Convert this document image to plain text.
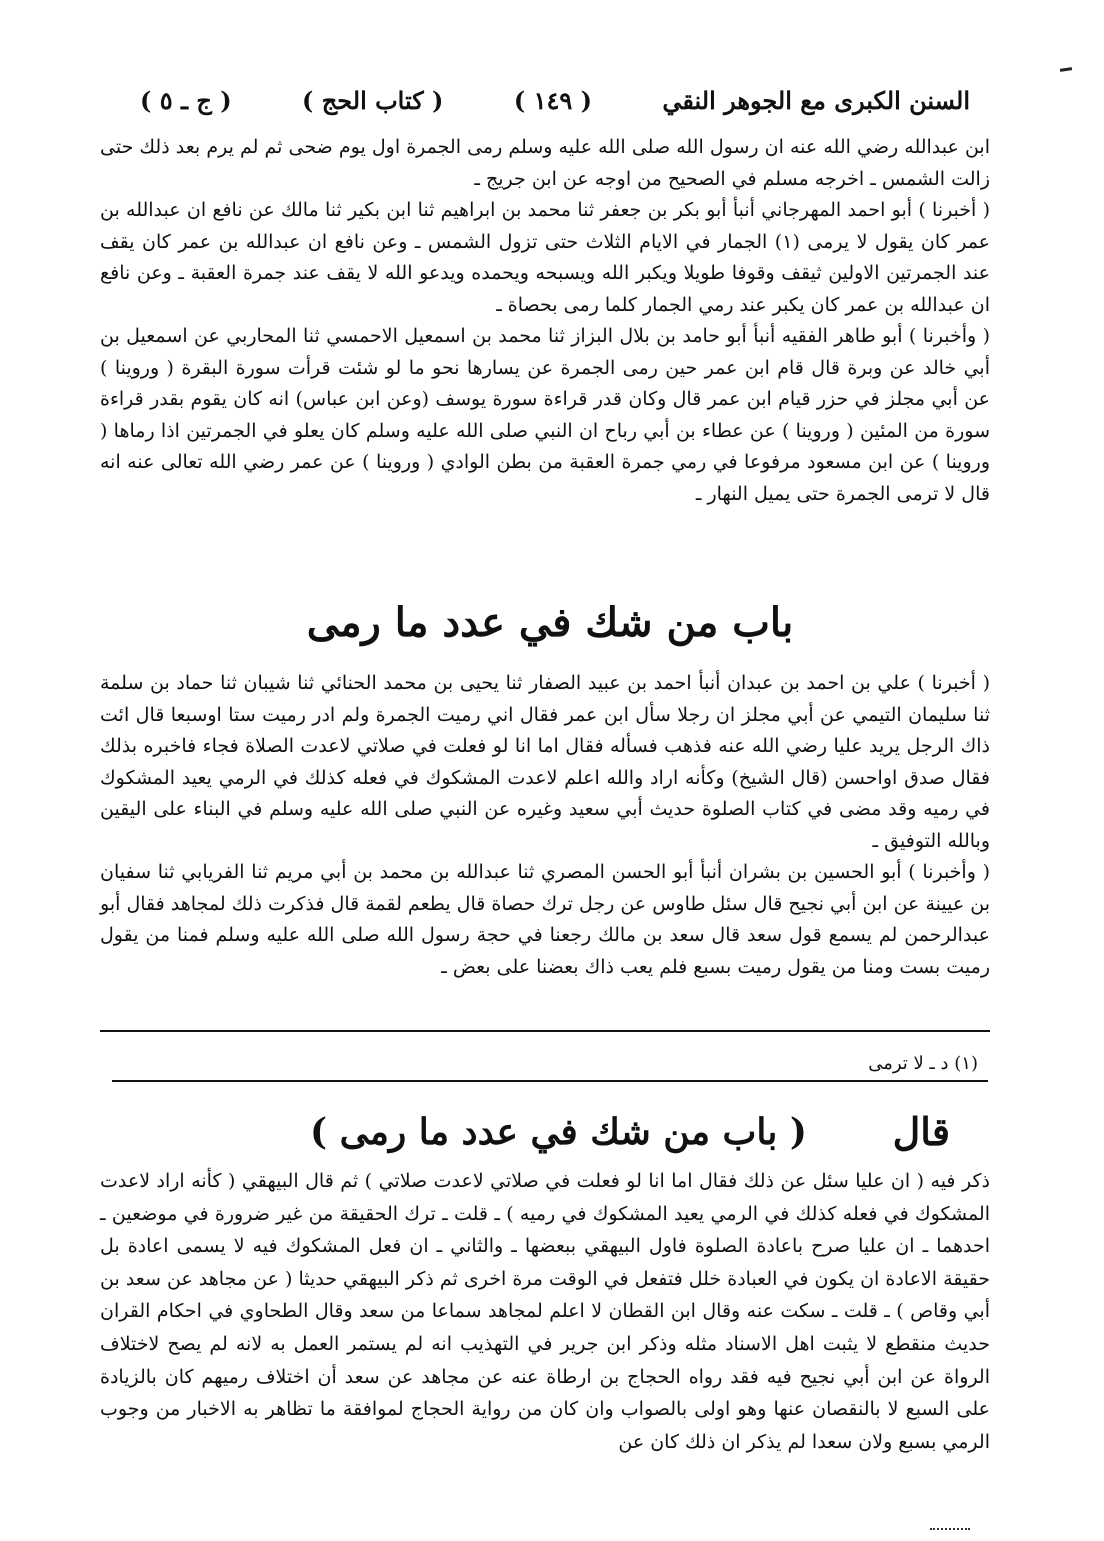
السنن الكبرى مع الجوهر النقي
( ١٤٩ )
( كتاب الحج )
( ج ـ ٥ )

ابن عبدالله رضي الله عنه ان رسول الله صلى الله عليه وسلم رمى الجمرة اول يوم ضحى ثم لم يرم بعد ذلك حتى زالت الشمس ـ اخرجه مسلم في الصحيح من اوجه عن ابن جريج ـ

( أخبرنا ) أبو احمد المهرجاني أنبأ أبو بكر بن جعفر ثنا محمد بن ابراهيم ثنا ابن بكير ثنا مالك عن نافع ان عبدالله بن عمر كان يقول لا يرمى (١) الجمار في الايام الثلاث حتى تزول الشمس ـ وعن نافع ان عبدالله بن عمر كان يقف عند الجمرتين الاولين ثيقف وقوفا طويلا ويكبر الله ويسبحه ويحمده ويدعو الله لا يقف عند جمرة العقبة ـ وعن نافع ان عبدالله بن عمر كان يكبر عند رمي الجمار كلما رمى بحصاة ـ

( وأخبرنا ) أبو طاهر الفقيه أنبأ أبو حامد بن بلال البزاز ثنا محمد بن اسمعيل الاحمسي ثنا المحاربي عن اسمعيل بن أبي خالد عن وبرة قال قام ابن عمر حين رمى الجمرة عن يسارها نحو ما لو شئت قرأت سورة البقرة ( وروينا ) عن أبي مجلز في حزر قيام ابن عمر قال وكان قدر قراءة سورة يوسف (وعن ابن عباس) انه كان يقوم بقدر قراءة سورة من المئين ( وروينا ) عن عطاء بن أبي رباح ان النبي صلى الله عليه وسلم كان يعلو في الجمرتين اذا رماها ( وروينا ) عن ابن مسعود مرفوعا في رمي جمرة العقبة من بطن الوادي ( وروينا ) عن عمر رضي الله تعالى عنه انه قال لا ترمى الجمرة حتى يميل النهار ـ

باب من شك في عدد ما رمى

( أخبرنا ) علي بن احمد بن عبدان أنبأ احمد بن عبيد الصفار ثنا يحيى بن محمد الحنائي ثنا شيبان ثنا حماد بن سلمة ثنا سليمان التيمي عن أبي مجلز ان رجلا سأل ابن عمر فقال اني رميت الجمرة ولم ادر رميت ستا اوسبعا قال ائت ذاك الرجل يريد عليا رضي الله عنه فذهب فسأله فقال اما انا لو فعلت في صلاتي لاعدت الصلاة فجاء فاخبره بذلك فقال صدق اواحسن (قال الشيخ) وكأنه اراد والله اعلم لاعدت المشكوك في فعله كذلك في الرمي يعيد المشكوك في رميه وقد مضى في كتاب الصلوة حديث أبي سعيد وغيره عن النبي صلى الله عليه وسلم في البناء على اليقين وبالله التوفيق ـ

( وأخبرنا ) أبو الحسين بن بشران أنبأ أبو الحسن المصري ثنا عبدالله بن محمد بن أبي مريم ثنا الفريابي ثنا سفيان بن عيينة عن ابن أبي نجيح قال سئل طاوس عن رجل ترك حصاة قال يطعم لقمة قال فذكرت ذلك لمجاهد فقال أبو عبدالرحمن لم يسمع قول سعد قال سعد بن مالك رجعنا في حجة رسول الله صلى الله عليه وسلم فمنا من يقول رميت بست ومنا من يقول رميت بسبع فلم يعب ذاك بعضنا على بعض ـ

(١) د ـ لا ترمى
قال
( باب من شك في عدد ما رمى )

ذكر فيه ( ان عليا سئل عن ذلك فقال اما انا لو فعلت في صلاتي لاعدت صلاتي ) ثم قال البيهقي ( كأنه اراد لاعدت المشكوك في فعله كذلك في الرمي يعيد المشكوك في رميه ) ـ قلت ـ ترك الحقيقة من غير ضرورة في موضعين ـ احدهما ـ ان عليا صرح باعادة الصلوة فاول البيهقي ببعضها ـ والثاني ـ ان فعل المشكوك فيه لا يسمى اعادة بل حقيقة الاعادة ان يكون في العبادة خلل فتفعل في الوقت مرة اخرى ثم ذكر البيهقي حديثا ( عن مجاهد عن سعد بن أبي وقاص ) ـ قلت ـ سكت عنه وقال ابن القطان لا اعلم لمجاهد سماعا من سعد وقال الطحاوي في احكام القران حديث منقطع لا يثبت اهل الاسناد مثله وذكر ابن جرير في التهذيب انه لم يستمر العمل به لانه لم يصح لاختلاف الرواة عن ابن أبي نجيح فيه فقد رواه الحجاج بن ارطاة عنه عن مجاهد عن سعد أن اختلاف رميهم كان بالزيادة على السبع لا بالنقصان عنها وهو اولى بالصواب وان كان من رواية الحجاج لموافقة ما تظاهر به الاخبار من وجوب الرمي بسبع ولان سعدا لم يذكر ان ذلك كان عن
